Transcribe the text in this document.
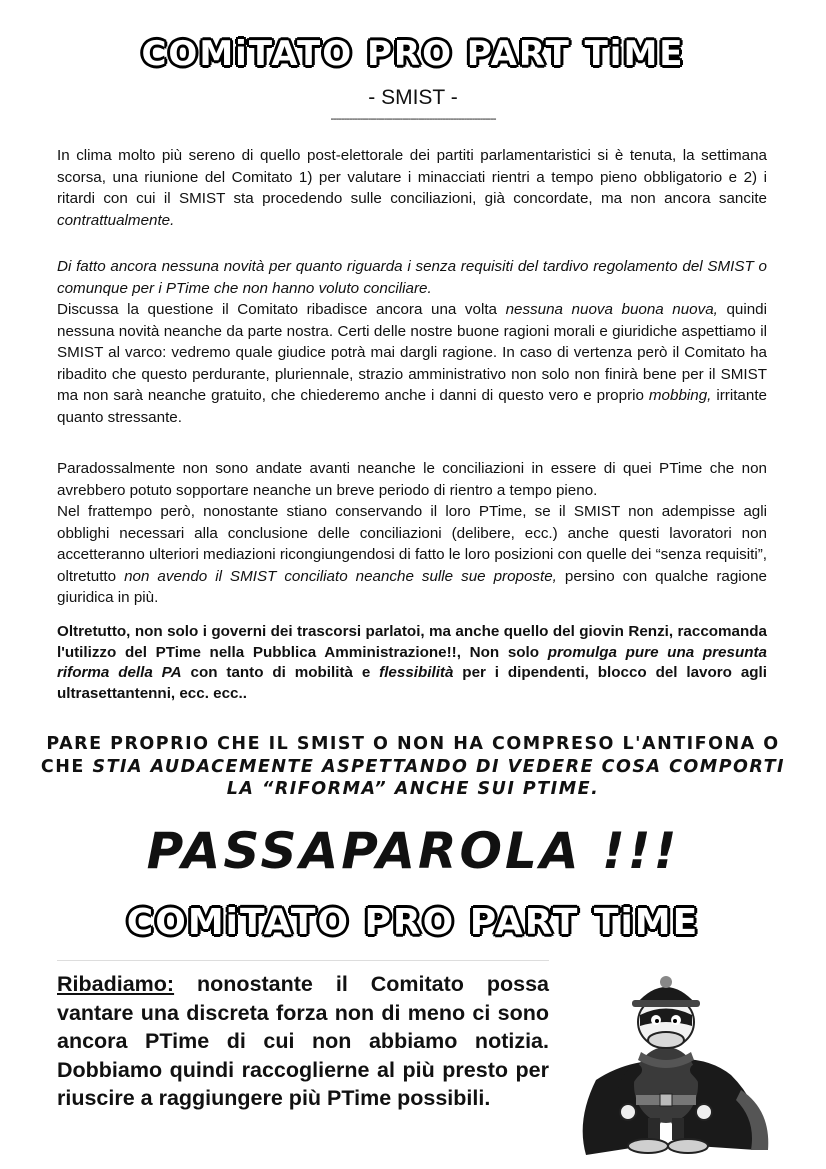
COMiTATO PRO PART TiME
- SMIST -
--------------------------------------------------------------
In clima molto più sereno di quello post-elettorale dei partiti parlamentaristici si è tenuta, la settimana scorsa, una riunione del Comitato 1) per valutare i minacciati rientri a tempo pieno obbligatorio e 2) i ritardi con cui il SMIST sta procedendo sulle conciliazioni, già concordate, ma non ancora sancite contrattualmente.
Di fatto ancora nessuna novità per quanto riguarda i senza requisiti del tardivo regolamento del SMIST o comunque per i PTime che non hanno voluto conciliare.
Discussa la questione il Comitato ribadisce ancora una volta nessuna nuova buona nuova, quindi nessuna novità neanche da parte nostra. Certi delle nostre buone ragioni morali e giuridiche aspettiamo il SMIST al varco: vedremo quale giudice potrà mai dargli ragione. In caso di vertenza però il Comitato ha ribadito che questo perdurante, pluriennale, strazio amministrativo non solo non finirà bene per il SMIST ma non sarà neanche gratuito, che chiederemo anche i danni di questo vero e proprio mobbing, irritante quanto stressante.
Paradossalmente non sono andate avanti neanche le conciliazioni in essere di quei PTime che non avrebbero potuto sopportare neanche un breve periodo di rientro a tempo pieno.
Nel frattempo però, nonostante stiano conservando il loro PTime, se il SMIST non adempisse agli obblighi necessari alla conclusione delle conciliazioni (delibere, ecc.) anche questi lavoratori non accetteranno ulteriori mediazioni ricongiungendosi di fatto le loro posizioni con quelle dei “senza requisiti”, oltretutto non avendo il SMIST conciliato neanche sulle sue proposte, persino con qualche ragione giuridica in più.
Oltretutto, non solo i governi dei trascorsi parlatoi, ma anche quello del giovin Renzi, raccomanda l'utilizzo del PTime nella Pubblica Amministrazione!!, Non solo promulga pure una presunta riforma della PA con tanto di mobilità e flessibilità per i dipendenti, blocco del lavoro agli ultrasettantenni, ecc. ecc..
PARE PROPRIO CHE IL SMIST O NON HA COMPRESO L'ANTIFONA O CHE STIA AUDACEMENTE ASPETTANDO DI VEDERE COSA COMPORTI LA “RIFORMA” ANCHE SUI PTIME.
PASSAPAROLA !!!
COMiTATO PRO PART TiME
Ribadiamo: nonostante il Comitato possa vantare una discreta forza non di meno ci sono ancora PTime di cui non abbiamo notizia. Dobbiamo quindi raccoglierne al più presto per riuscire a raggiungere più PTime possibili.
